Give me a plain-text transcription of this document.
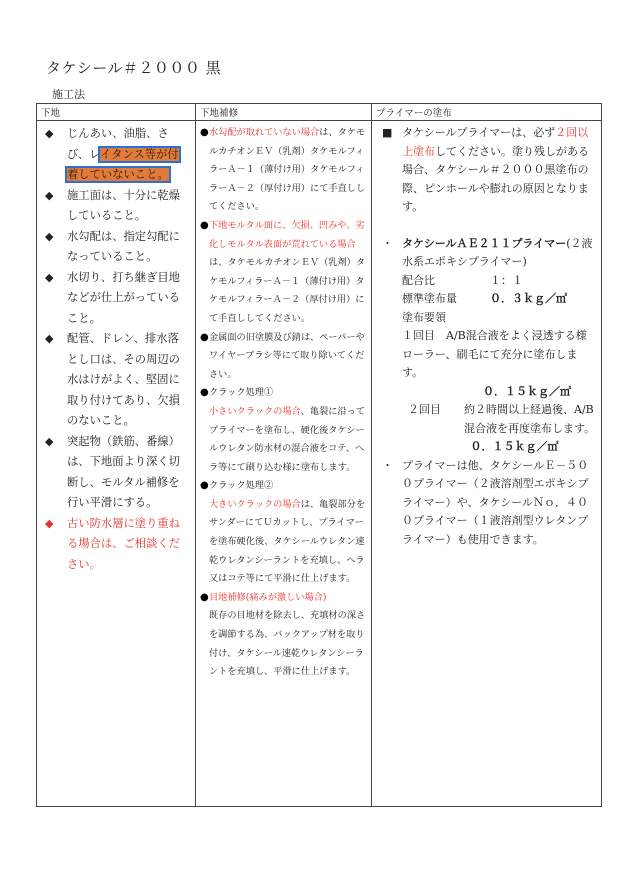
タケシール＃２０００ 黒
施工法
下地	下地補修	プライマーの塗布

◆	じんあい、油脂、さび、レイタンス等が付着していないこと。
◆	施工面は、十分に乾燥していること。
◆	水勾配は、指定勾配になっていること。
◆	水切り、打ち継ぎ目地などが仕上がっていること。
◆	配管、ドレン、排水落とし口は、その周辺の水はけがよく、堅固に取り付けてあり、欠損のないこと。
◆	突起物（鉄筋、番線）は、下地面より深く切断し、モルタル補修を行い平滑にする。
◆	古い防水層に塗り重ねる場合は、ご相談ください。

● 水勾配が取れていない場合は、タケモルカチオンＥＶ（乳剤）タケモルフィラーＡ－１（薄付け用）タケモルフィラーＡ－２（厚付け用）にて手直ししてください。
● 下地モルタル面に、欠損、凹みや、劣化しモルタル表面が荒れている場合は、タケモルカチオンＥＶ（乳剤）タケモルフィラーＡ－１（薄付け用）タケモルフィラーＡ－２（厚付け用）にて手直ししてください。
● 金属面の旧塗膜及び錆は、ペーパーやワイヤーブラシ等にて取り除いてください。
● クラック処理①
小さいクラックの場合、亀裂に沿ってプライマーを塗布し、硬化後タケシールウレタン防水材の混合液をコテ、ヘラ等にて刷り込む様に塗布します。
● クラック処理②
大きいクラックの場合は、亀裂部分をサンダーにてＵカットし、プライマーを塗布硬化後、タケシールウレタン速乾ウレタンシーラントを充填し、ヘラ又はコテ等にて平滑に仕上げます。
● 目地補修(痛みが激しい場合)
既存の目地材を除去し、充填材の深さを調節する為、バックアップ材を取り付け、タケシール速乾ウレタンシーラントを充填し、平滑に仕上げます。

■ タケシールプライマーは、必ず２回以上塗布してください。塗り残しがある場合、タケシール＃２０００黒塗布の際、ピンホールや膨れの原因となります。
・ タケシールＡＥ２１１プライマー(２液水系エポキシプライマー)
配合比	１：１
標準塗布量	０．３ｋｇ／㎡
塗布要領
１回目　 A/B混合液をよく浸透する様ローラー、刷毛にて充分に塗布します。
０．１５ｋｇ／㎡
２回目	約２時間以上経過後、A/B混合液を再度塗布します。
０．１５ｋｇ／㎡
・ プライマーは他、タケシールＥ－５００プライマー（２液溶剤型エポキシプライマー）や、タケシールＮｏ．４００プライマー（１液溶剤型ウレタンプライマー）も使用できます。
